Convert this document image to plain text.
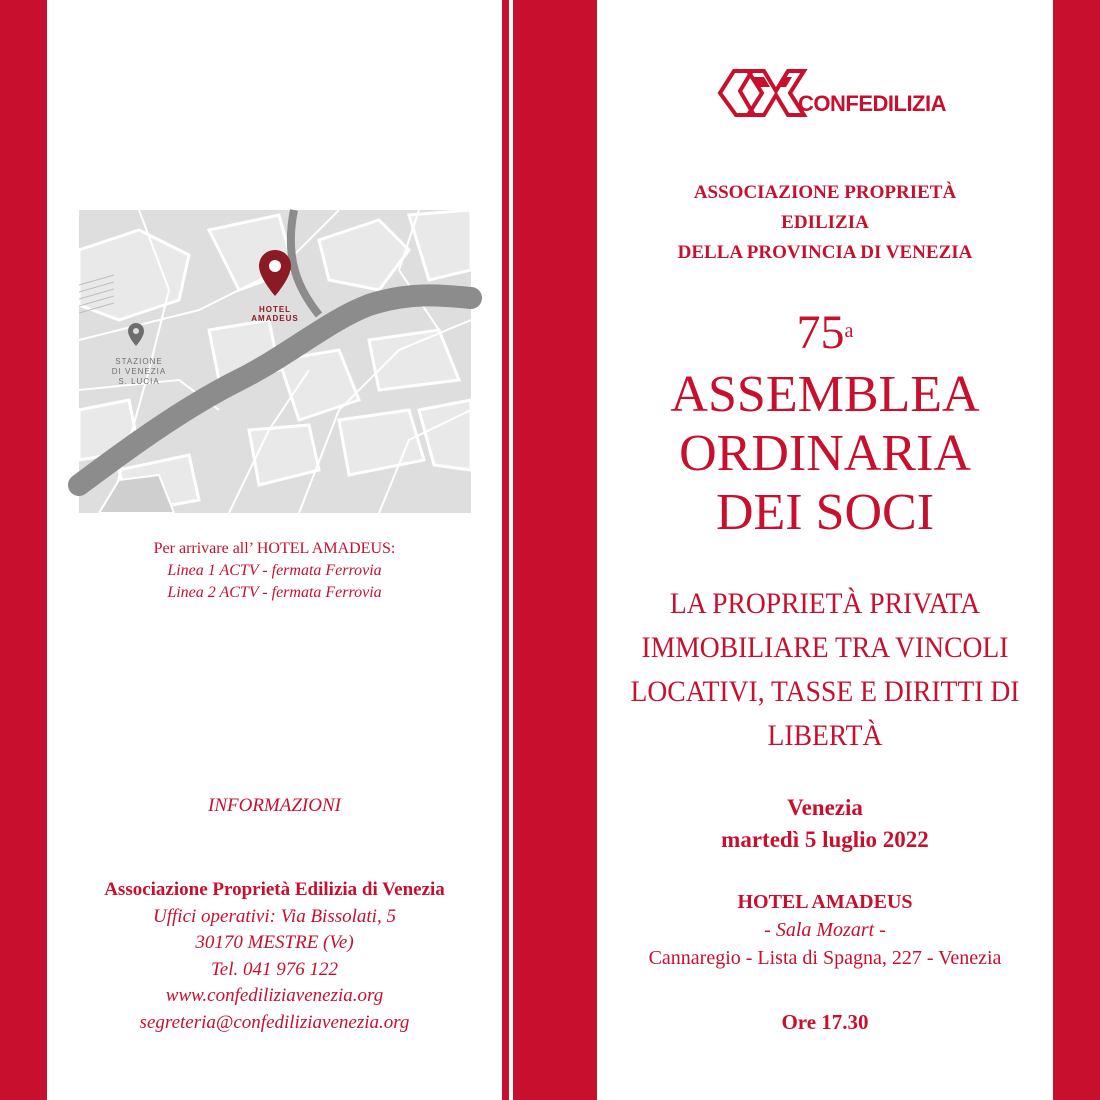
HOTEL
AMADEUS
STAZIONE
DI VENEZIA
S. LUCIA
Per arrivare all’ HOTEL AMADEUS:
Linea 1 ACTV - fermata Ferrovia
Linea 2 ACTV - fermata Ferrovia
INFORMAZIONI
Associazione Proprietà Edilizia di Venezia
Uffici operativi: Via Bissolati, 5
30170 MESTRE (Ve)
Tel. 041 976 122
www.confediliziavenezia.org
segreteria@confediliziavenezia.org
CONFEDILIZIA
ASSOCIAZIONE PROPRIETÀ
EDILIZIA
DELLA PROVINCIA DI VENEZIA
75$^a$
ASSEMBLEA
ORDINARIA
DEI SOCI
LA PROPRIETÀ PRIVATA
IMMOBILIARE TRA VINCOLI
LOCATIVI, TASSE E DIRITTI DI
LIBERTÀ
Venezia
martedì 5 luglio 2022
HOTEL AMADEUS
- Sala Mozart -
Cannaregio - Lista di Spagna, 227 - Venezia
Ore 17.30
